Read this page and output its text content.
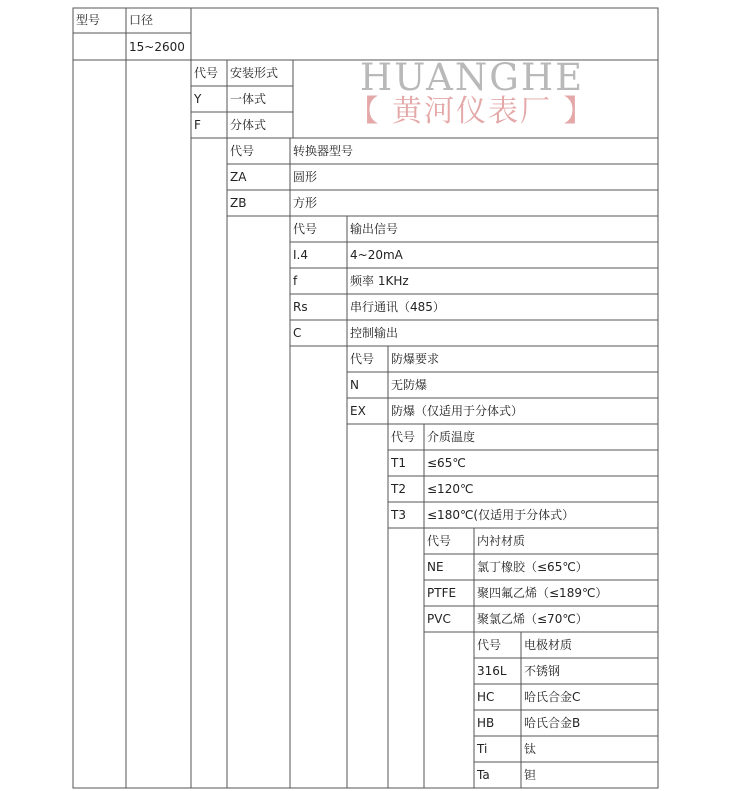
HUANGHE
【 黄河仪表厂 】
型号 口径
15~2600
代号 安装形式
Y 一体式
F 分体式
代号	转换器型号
ZA	圆形
ZB	方形
代号	输出信号
I.4	4~20mA
f	频率 1KHz
Rs	串行通讯（485）
C	控制输出
代号 防爆要求
N	无防爆
EX 防爆（仅适用于分体式）
代号 介质温度
T1 ≤65℃
T2 ≤120℃
T3 ≤180℃(仅适用于分体式）
代号 内衬材质
NE	氯丁橡胶（≤65℃）
PTFE 聚四氟乙烯（≤189℃）
PVC 聚氯乙烯（≤70℃）
代号 电极材质
316L 不锈钢
HC 哈氏合金C
HB 哈氏合金B
Ti	钛
Ta	钽
